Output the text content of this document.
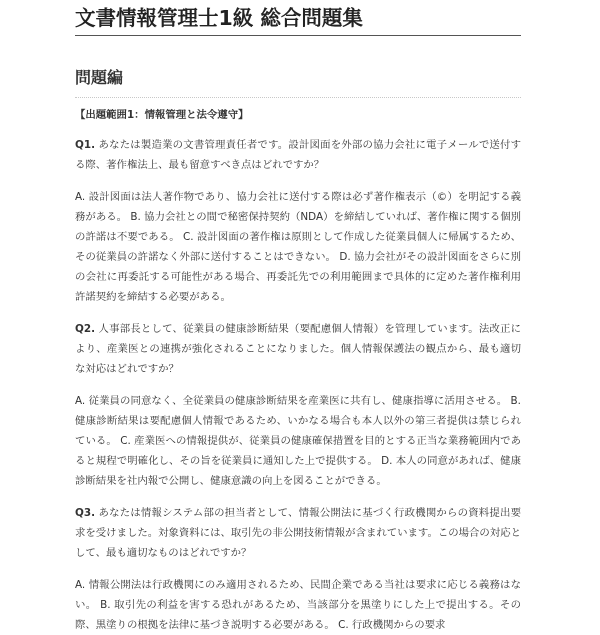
文書情報管理士1級 総合問題集
問題編
【出題範囲1：情報管理と法令遵守】
Q1. あなたは製造業の文書管理責任者です。設計図面を外部の協力会社に電子メールで送付する際、著作権法上、最も留意すべき点はどれですか？
A. 設計図面は法人著作物であり、協力会社に送付する際は必ず著作権表示（©）を明記する義務がある。 B. 協力会社との間で秘密保持契約（NDA）を締結していれば、著作権に関する個別の許諾は不要である。 C. 設計図面の著作権は原則として作成した従業員個人に帰属するため、その従業員の許諾なく外部に送付することはできない。 D. 協力会社がその設計図面をさらに別の会社に再委託する可能性がある場合、再委託先での利用範囲まで具体的に定めた著作権利用許諾契約を締結する必要がある。
Q2. 人事部長として、従業員の健康診断結果（要配慮個人情報）を管理しています。法改正により、産業医との連携が強化されることになりました。個人情報保護法の観点から、最も適切な対応はどれですか？
A. 従業員の同意なく、全従業員の健康診断結果を産業医に共有し、健康指導に活用させる。 B. 健康診断結果は要配慮個人情報であるため、いかなる場合も本人以外の第三者提供は禁じられている。 C. 産業医への情報提供が、従業員の健康確保措置を目的とする正当な業務範囲内であると規程で明確化し、その旨を従業員に通知した上で提供する。 D. 本人の同意があれば、健康診断結果を社内報で公開し、健康意識の向上を図ることができる。
Q3. あなたは情報システム部の担当者として、情報公開法に基づく行政機関からの資料提出要求を受けました。対象資料には、取引先の非公開技術情報が含まれています。この場合の対応として、最も適切なものはどれですか？
A. 情報公開法は行政機関にのみ適用されるため、民間企業である当社は要求に応じる義務はない。 B. 取引先の利益を害する恐れがあるため、当該部分を黒塗りにした上で提出する。その際、黒塗りの根拠を法律に基づき説明する必要がある。 C. 行政機関からの要求
